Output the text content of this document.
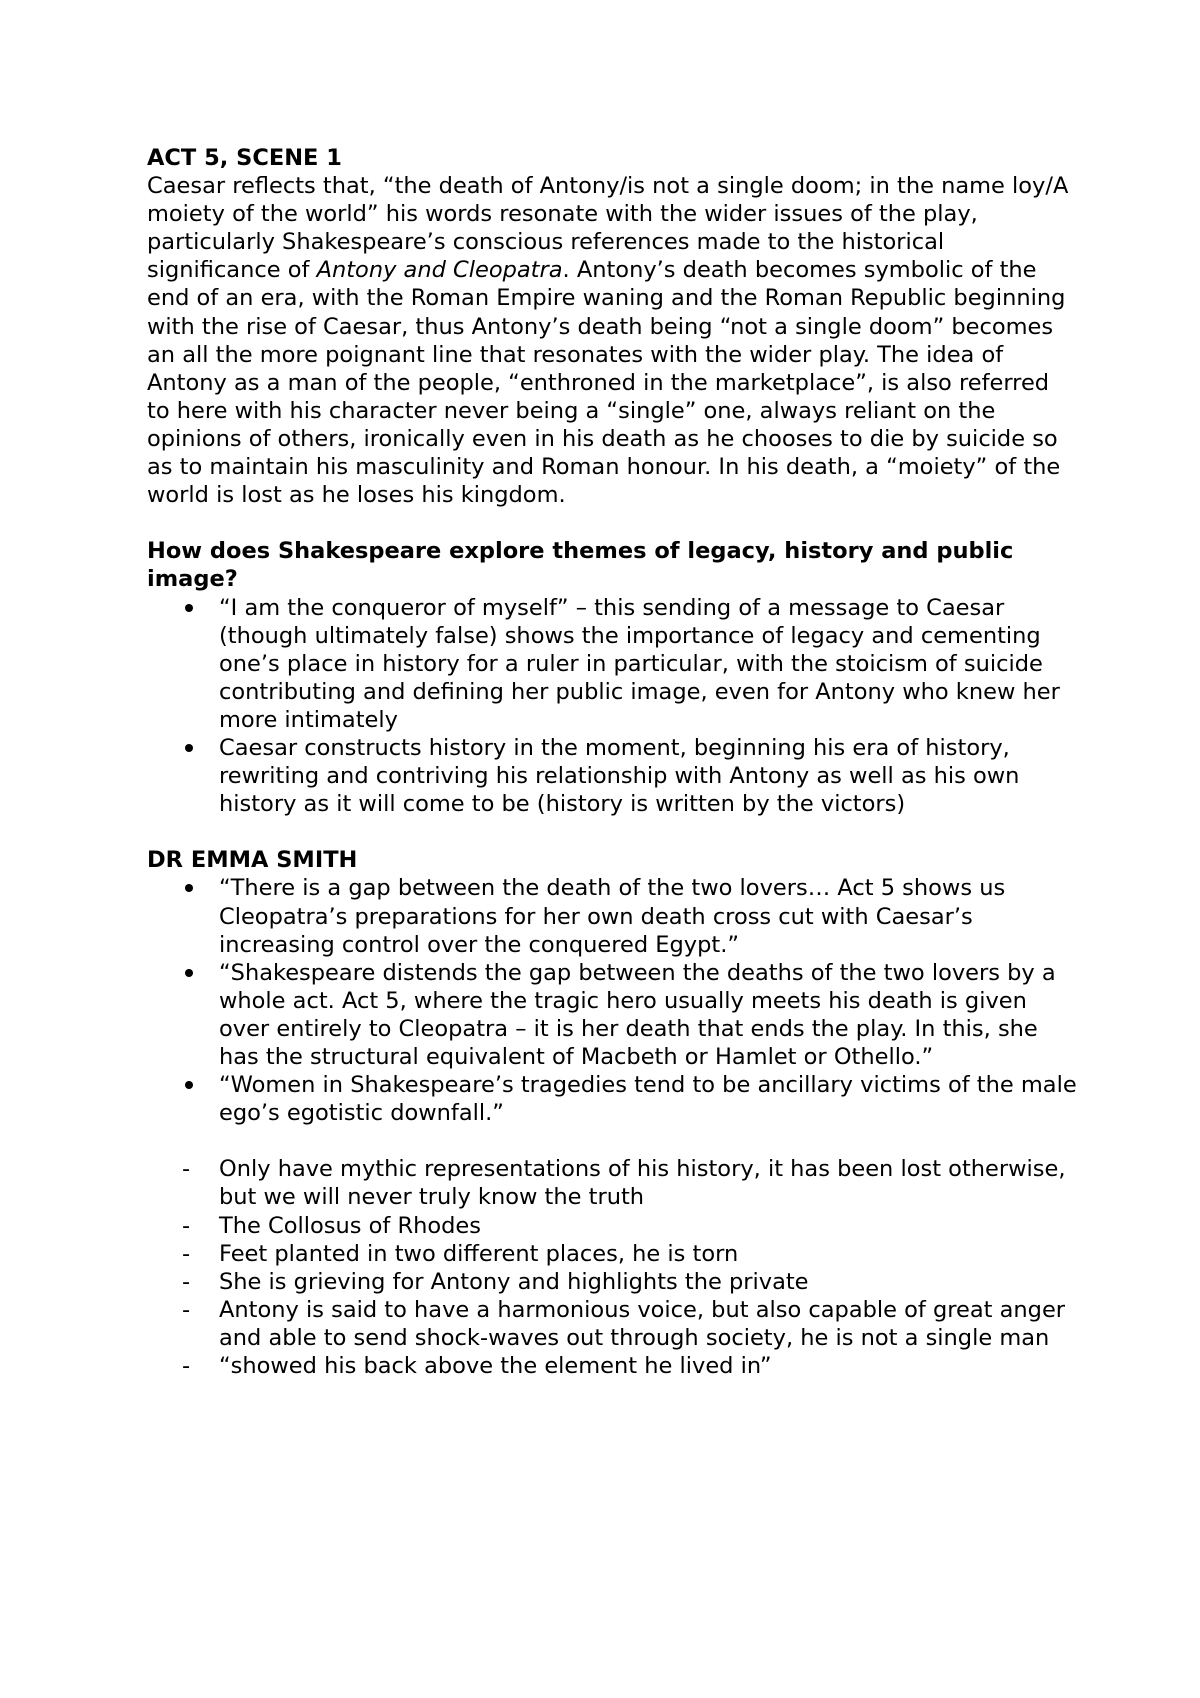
ACT 5, SCENE 1

Caesar reflects that, “the death of Antony/is not a single doom; in the name loy/A moiety of the world” his words resonate with the wider issues of the play, particularly Shakespeare’s conscious references made to the historical significance of Antony and Cleopatra. Antony’s death becomes symbolic of the end of an era, with the Roman Empire waning and the Roman Republic beginning with the rise of Caesar, thus Antony’s death being “not a single doom” becomes an all the more poignant line that resonates with the wider play. The idea of Antony as a man of the people, “enthroned in the marketplace”, is also referred to here with his character never being a “single” one, always reliant on the opinions of others, ironically even in his death as he chooses to die by suicide so as to maintain his masculinity and Roman honour. In his death, a “moiety” of the world is lost as he loses his kingdom.

How does Shakespeare explore themes of legacy, history and public image?
“I am the conqueror of myself” – this sending of a message to Caesar (though ultimately false) shows the importance of legacy and cementing one’s place in history for a ruler in particular, with the stoicism of suicide contributing and defining her public image, even for Antony who knew her more intimately
Caesar constructs history in the moment, beginning his era of history, rewriting and contriving his relationship with Antony as well as his own history as it will come to be (history is written by the victors)
DR EMMA SMITH
“There is a gap between the death of the two lovers… Act 5 shows us Cleopatra’s preparations for her own death cross cut with Caesar’s increasing control over the conquered Egypt.”
“Shakespeare distends the gap between the deaths of the two lovers by a whole act. Act 5, where the tragic hero usually meets his death is given over entirely to Cleopatra – it is her death that ends the play. In this, she has the structural equivalent of Macbeth or Hamlet or Othello.”
“Women in Shakespeare’s tragedies tend to be ancillary victims of the male ego’s egotistic downfall.”
- Only have mythic representations of his history, it has been lost otherwise, but we will never truly know the truth
- The Collosus of Rhodes
- Feet planted in two different places, he is torn
- She is grieving for Antony and highlights the private
- Antony is said to have a harmonious voice, but also capable of great anger and able to send shock-waves out through society, he is not a single man
- “showed his back above the element he lived in”
